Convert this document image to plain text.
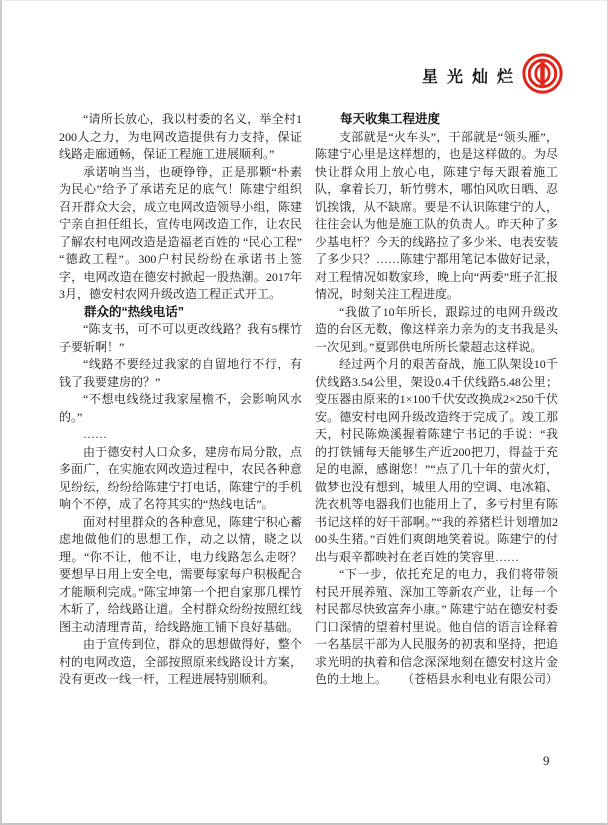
星光灿烂

“请所长放心，我以村委的名义，举全村1200人之力，为电网改造提供有力支持，保证线路走廊通畅，保证工程施工进展顺利。”

承诺响当当，也硬铮铮，正是那颗“朴素为民心”给予了承诺充足的底气！陈建宁组织召开群众大会，成立电网改造领导小组，陈建宁亲自担任组长，宣传电网改造工作，让农民了解农村电网改造是造福老百姓的 “民心工程”“德政工程”。300户村民纷纷在承诺书上签字，电网改造在德安村掀起一股热潮。2017年3月，德安村农网升级改造工程正式开工。

群众的“热线电话”

“陈支书，可不可以更改线路？我有5棵竹子要斩啊！”

“线路不要经过我家的自留地行不行，有钱了我要建房的？”

“不想电线绕过我家屋檐不，会影响风水的。”

……

由于德安村人口众多，建房布局分散，点多面广，在实施农网改造过程中，农民各种意见纷纭，纷纷给陈建宁打电话，陈建宁的手机响个不停，成了名符其实的“热线电话”。

面对村里群众的各种意见，陈建宁积心蓄虑地做他们的思想工作，动之以情，晓之以理。“你不让，他不让，电力线路怎么走呀？要想早日用上安全电，需要每家每户积极配合才能顺利完成。”陈宝坤第一个把自家那几棵竹木斩了，给线路让道。全村群众纷纷按照红线图主动清理青苗，给线路施工铺下良好基础。

由于宣传到位，群众的思想做得好，整个村的电网改造，全部按照原来线路设计方案，没有更改一线一杆，工程进展特别顺利。

每天收集工程进度

支部就是“火车头”，干部就是“领头雁”，陈建宁心里是这样想的，也是这样做的。为尽快让群众用上放心电，陈建宁每天跟着施工队，拿着长刀，斩竹劈木，哪怕风吹日晒、忍饥挨饿，从不缺席。要是不认识陈建宁的人，往往会认为他是施工队的负责人。昨天种了多少基电杆？今天的线路拉了多少米、电表安装了多少只？……陈建宁都用笔记本做好记录，对工程情况如数家珍，晚上向“两委”班子汇报情况，时刻关注工程进度。

“我做了10年所长，跟踪过的电网升级改造的台区无数，像这样亲力亲为的支书我是头一次见到。”夏郢供电所所长蒙超志这样说。

经过两个月的艰苦奋战，施工队架设10千伏线路3.54公里，架设0.4千伏线路5.48公里；变压器由原来的1×100千伏安改换成2×250千伏安。德安村电网升级改造终于完成了。竣工那天，村民陈焕溪握着陈建宁书记的手说：“我的打铁铺每天能够生产近200把刀，得益于充足的电源，感谢您！”“点了几十年的萤火灯，做梦也没有想到，城里人用的空调、电冰箱、洗衣机等电器我们也能用上了，多亏村里有陈书记这样的好干部啊。”“我的养猪栏计划增加200头生猪。”百姓们爽朗地笑着说。陈建宁的付出与艰辛都映衬在老百姓的笑容里……

“下一步，依托充足的电力，我们将带领村民开展养殖、深加工等新农产业，让每一个村民都尽快致富奔小康。” 陈建宁站在德安村委门口深情的望着村里说。他自信的语言诠释着一名基层干部为人民服务的初衷和坚持，把追求光明的执着和信念深深地刻在德安村这片金色的土地上。 （苍梧县水利电业有限公司）

9
